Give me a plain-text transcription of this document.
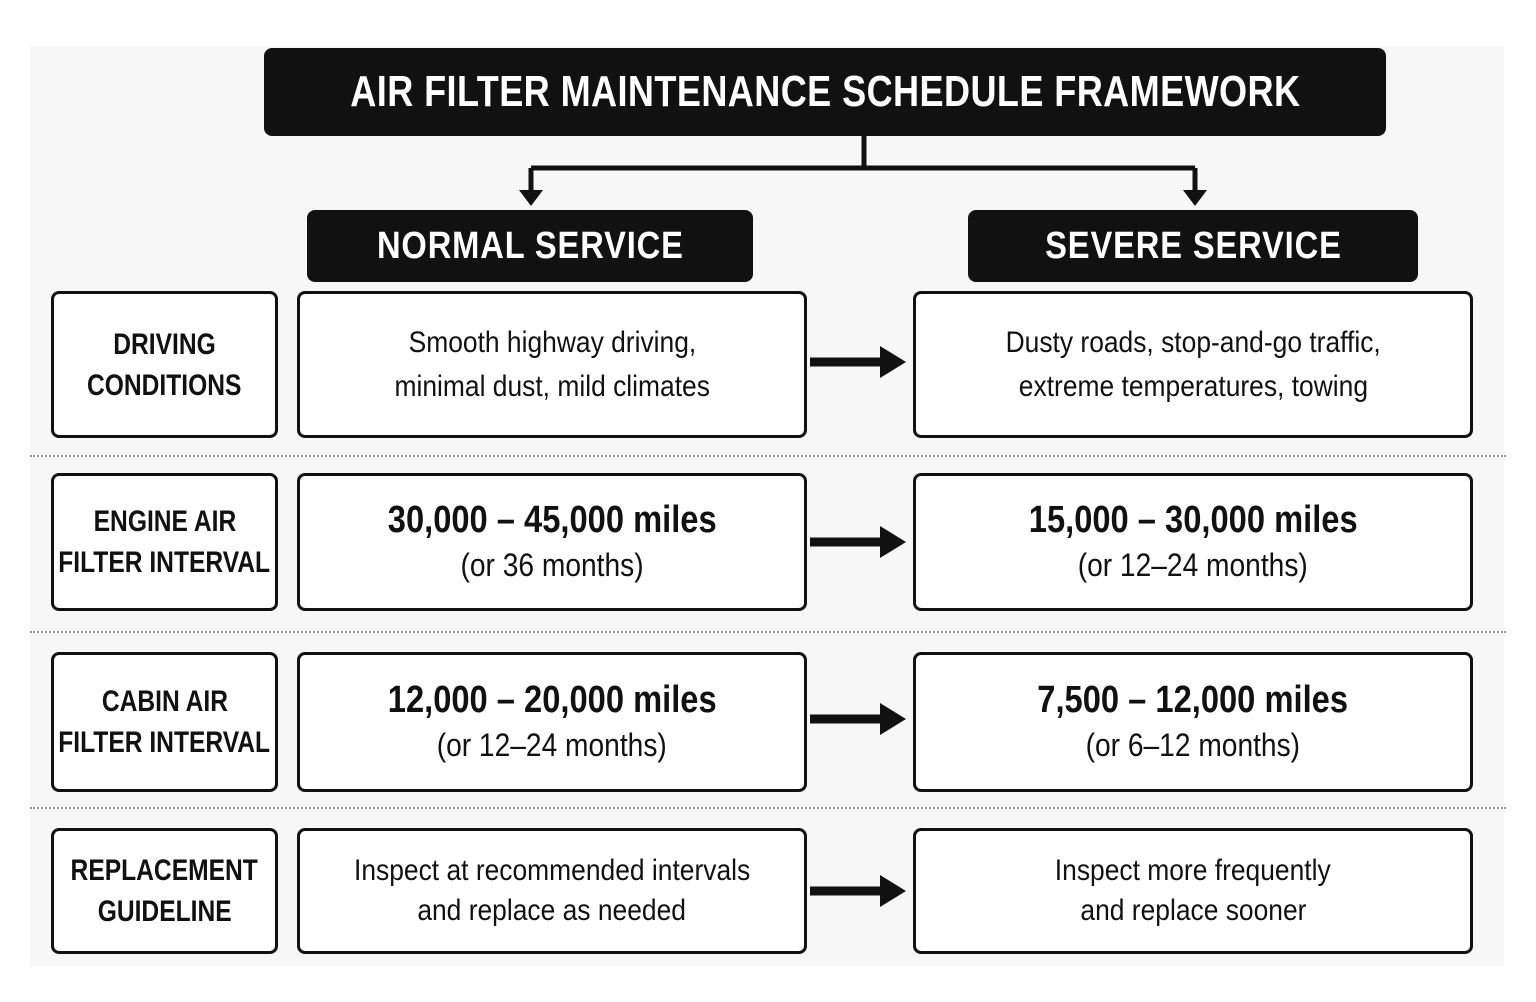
AIR FILTER MAINTENANCE SCHEDULE FRAMEWORK
NORMAL SERVICE	SEVERE SERVICE
DRIVING
CONDITIONS
Smooth highway driving,
minimal dust, mild climates
Dusty roads, stop-and-go traffic,
extreme temperatures, towing
ENGINE AIR
FILTER INTERVAL
30,000 – 45,000 miles
(or 36 months)
15,000 – 30,000 miles
(or 12–24 months)
CABIN AIR
FILTER INTERVAL
12,000 – 20,000 miles
(or 12–24 months)
7,500 – 12,000 miles
(or 6–12 months)
REPLACEMENT
GUIDELINE
Inspect at recommended intervals
and replace as needed
Inspect more frequently
and replace sooner
